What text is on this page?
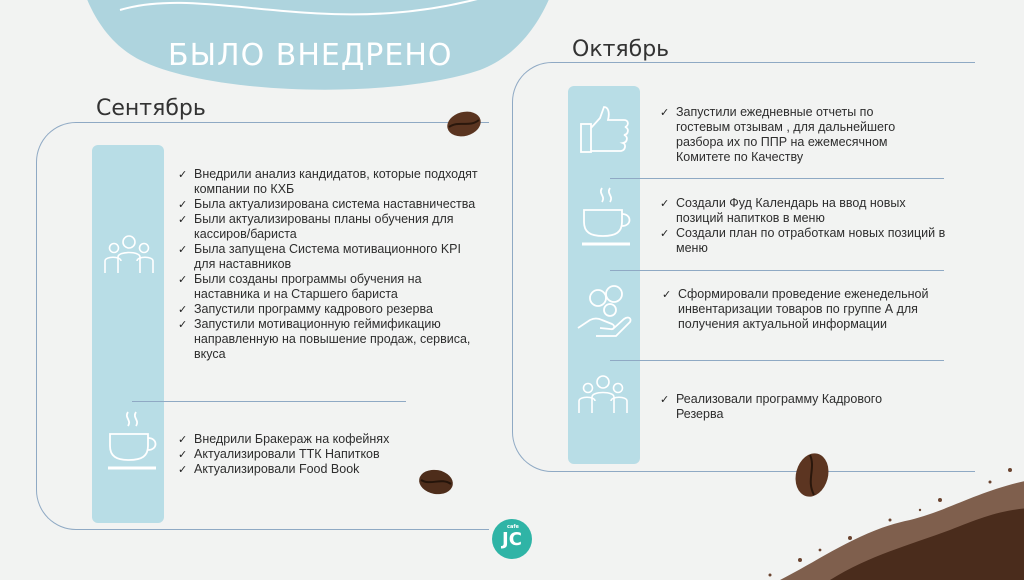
БЫЛО ВНЕДРЕНО
Сентябрь
✓ Внедрили анализ кандидатов, которые подходят компании по КХБ
✓ Была актуализирована система наставничества
✓ Были актуализированы планы обучения для кассиров/бариста
✓ Была запущена Система мотивационного KPI для наставников
✓ Были созданы программы обучения на наставника и на Старшего бариста
✓ Запустили программу кадрового резерва
✓ Запустили мотивационную геймификацию направленную на повышение продаж, сервиса, вкуса
✓ Внедрили Бракераж на кофейнях
✓ Актуализировали ТТК Напитков
✓ Актуализировали Food Book
Октябрь
✓ Запустили ежедневные отчеты по гостевым отзывам , для дальнейшего разбора их по ППР на ежемесячном Комитете по Качеству
✓ Создали Фуд Календарь на ввод новых позиций напитков в меню
✓ Создали план по отработкам новых позиций в меню
✓ Сформировали проведение еженедельной инвентаризации товаров по группе А для получения актуальной информации
✓ Реализовали программу Кадрового Резерва
cafe
JC
